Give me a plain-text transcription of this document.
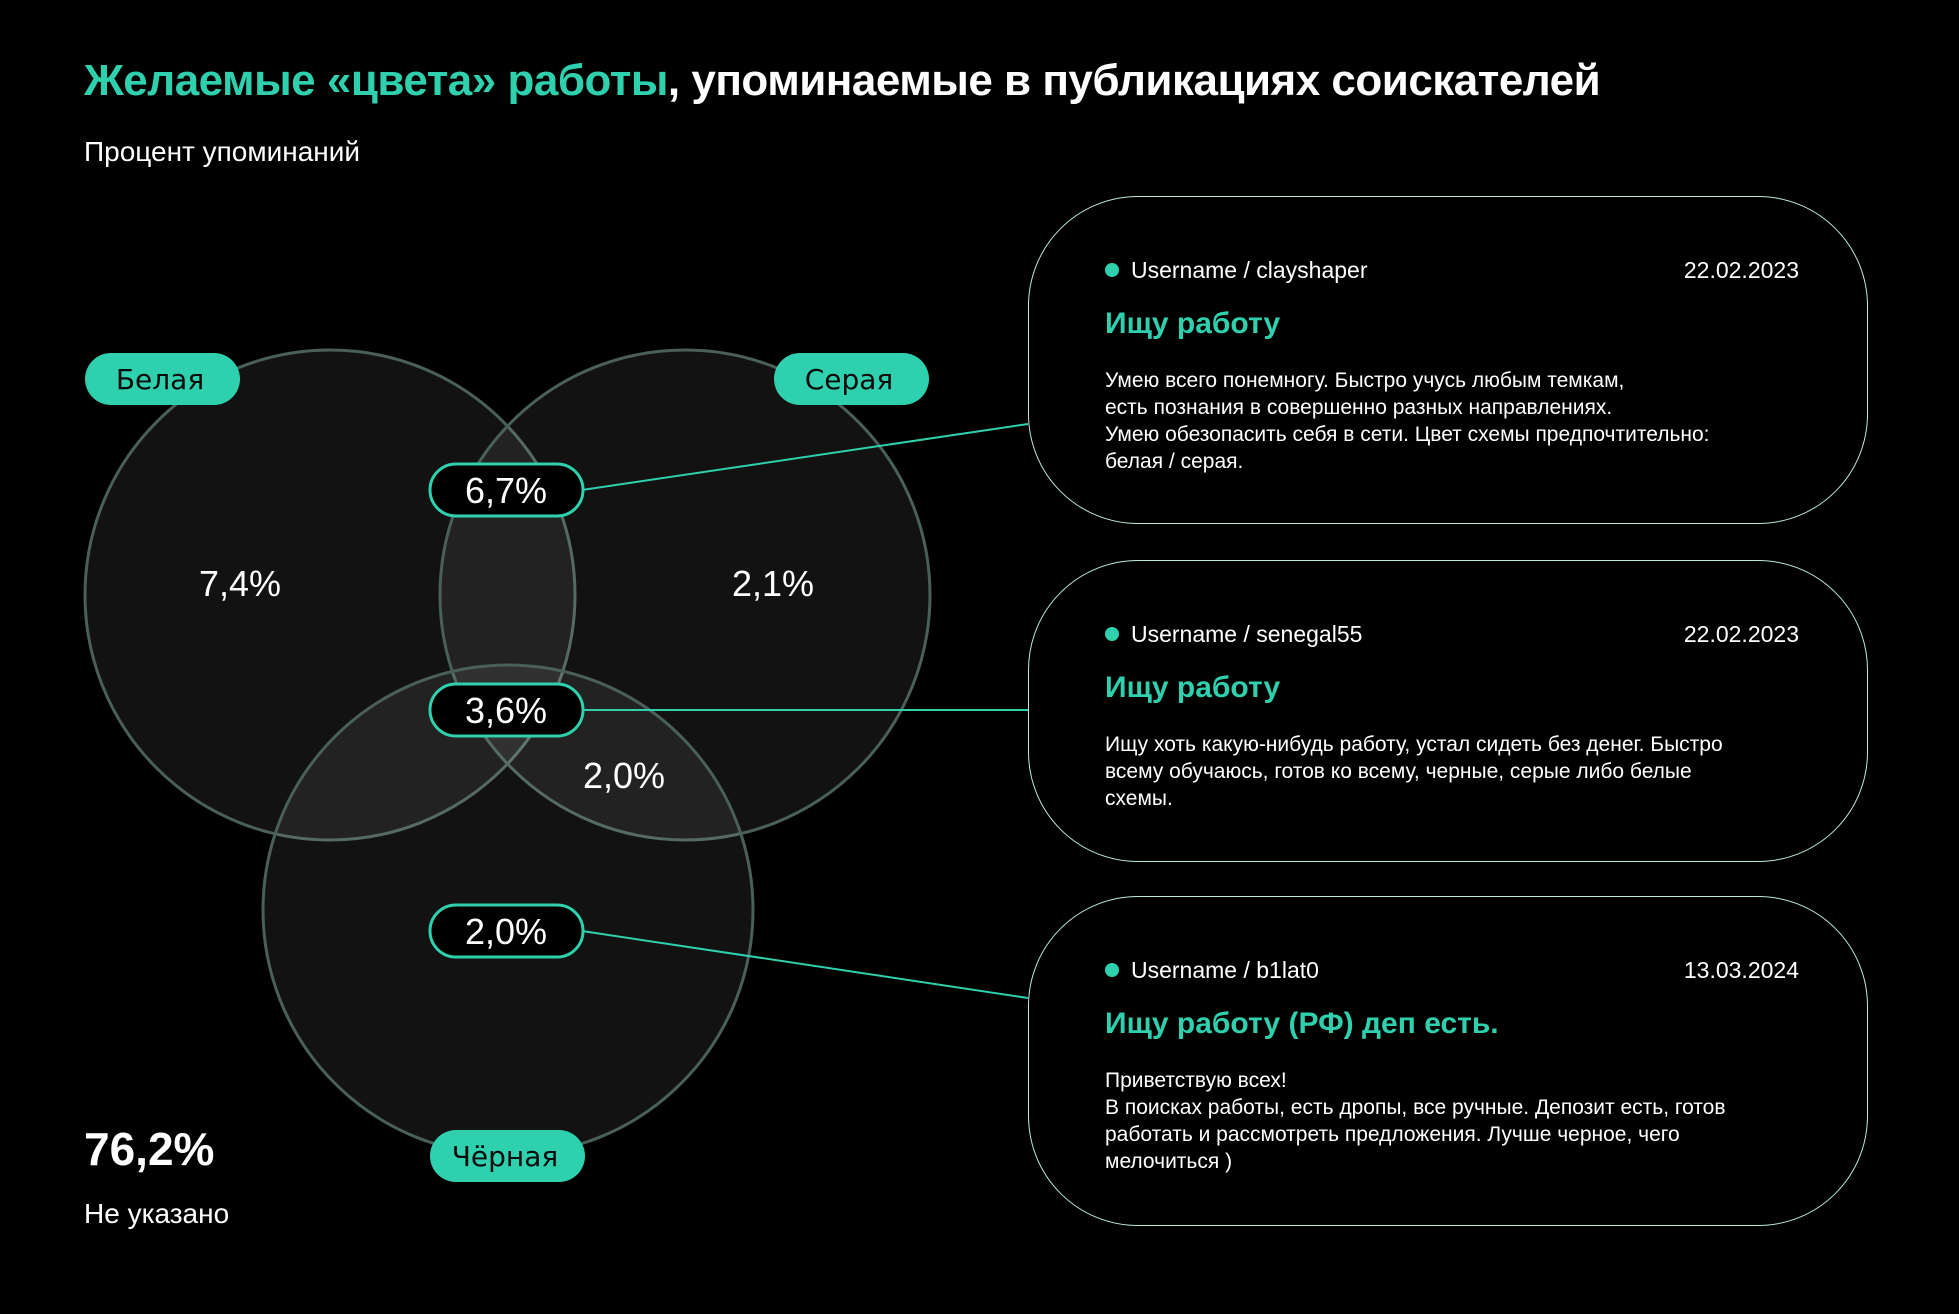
Желаемые «цвета» работы, упоминаемые в публикациях соискателей
Процент упоминаний
Белая	Серая
Чёрная
7,4%	2,1%
2,0%
6,7%
3,6%
2,0%
76,2%
Не указано
Username / clayshaper	22.02.2023
Ищу работу
Умею всего понемногу. Быстро учусь любым темкам,
есть познания в совершенно разных направлениях.
Умею обезопасить себя в сети. Цвет схемы предпочтительно:
белая / серая.
Username / senegal55	22.02.2023
Ищу работу
Ищу хоть какую-нибудь работу, устал сидеть без денег. Быстро
всему обучаюсь, готов ко всему, черные, серые либо белые
схемы.
Username / b1lat0	13.03.2024
Ищу работу (РФ) деп есть.
Приветствую всех!
В поисках работы, есть дропы, все ручные. Депозит есть, готов
работать и рассмотреть предложения. Лучше черное, чего
мелочиться )
